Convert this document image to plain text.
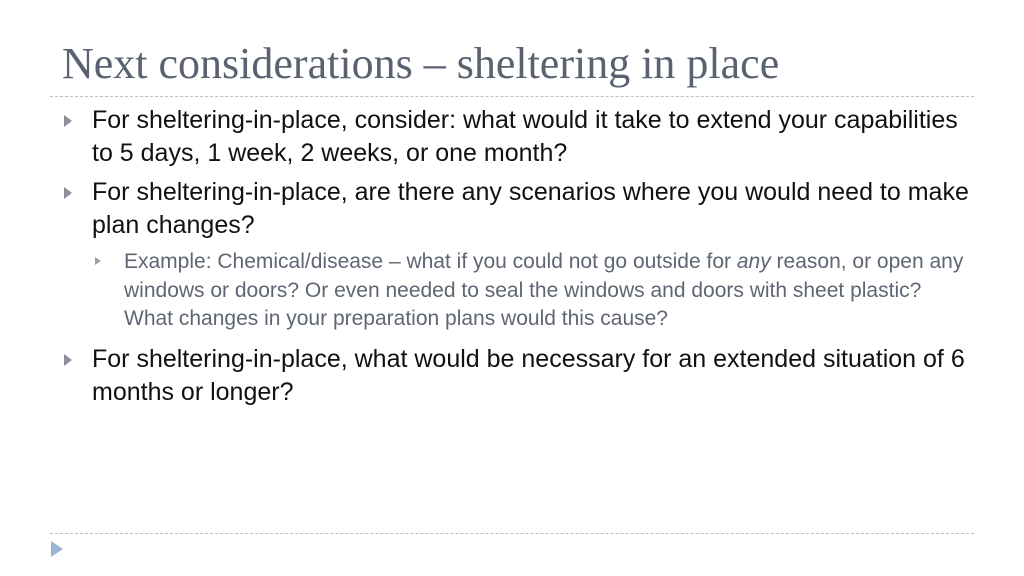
Next considerations – sheltering in place
For sheltering-in-place, consider: what would it take to extend your capabilities to 5 days, 1 week, 2 weeks, or one month?
For sheltering-in-place, are there any scenarios where you would need to make plan changes?
Example: Chemical/disease – what if you could not go outside for any reason, or open any windows or doors? Or even needed to seal the windows and doors with sheet plastic? What changes in your preparation plans would this cause?
For sheltering-in-place, what would be necessary for an extended situation of 6 months or longer?
